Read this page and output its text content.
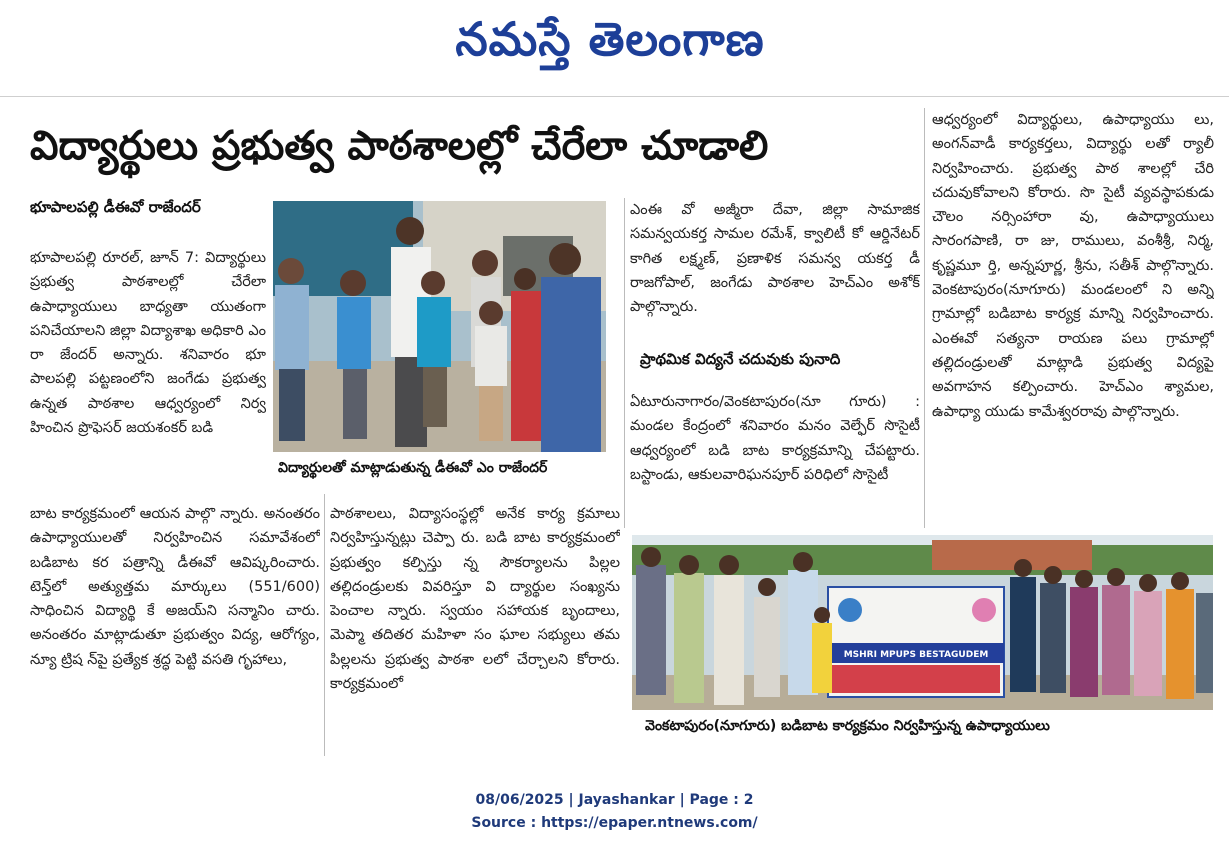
నమస్తే తెలంగాణ
విద్యార్థులు ప్రభుత్వ పాఠశాలల్లో చేరేలా చూడాలి
భూపాలపల్లి డీఈవో రాజేందర్

భూపాలపల్లి రూరల్, జూన్ 7: విద్యార్థులు ప్రభుత్వ పాఠశాలల్లో చేరేలా ఉపాధ్యాయులు బాధ్యతా యుతంగా పనిచేయాలని జిల్లా విద్యాశాఖ అధికారి ఎం రా జేందర్ అన్నారు. శనివారం భూ పాలపల్లి పట్టణంలోని జంగేడు ప్రభుత్వ ఉన్నత పాఠశాల ఆధ్వర్యంలో నిర్వ హించిన ప్రొఫెసర్ జయశంకర్ బడి

విద్యార్థులతో మాట్లాడుతున్న డీఈవో ఎం రాజేందర్

బాట కార్యక్రమంలో ఆయన పాల్గొ న్నారు. అనంతరం ఉపాధ్యాయులతో నిర్వహించిన సమావేశంలో బడిబాట కర పత్రాన్ని డీఈవో ఆవిష్కరించారు. టెన్త్‌లో అత్యుత్తమ మార్కులు (551/600) సాధించిన విద్యార్థి కే అజయ్‌ని సన్మానిం చారు. అనంతరం మాట్లాడుతూ ప్రభుత్వం విద్య, ఆరోగ్యం, న్యూ ట్రిష న్‌పై ప్రత్యేక శ్రద్ధ పెట్టి వసతి గృహాలు,

పాఠశాలలు, విద్యాసంస్థల్లో అనేక కార్య క్రమాలు నిర్వహిస్తున్నట్లు చెప్పా రు. బడి బాట కార్యక్రమంలో ప్రభుత్వం కల్పిస్తు న్న సౌకర్యాలను పిల్లల తల్లిదండ్రులకు వివరిస్తూ వి ద్యార్థుల సంఖ్యను పెంచాల న్నారు. స్వయం సహాయక బృందాలు, మెప్మా తదితర మహిళా సం ఘాల సభ్యులు తమ పిల్లలను ప్రభుత్వ పాఠశా లలో చేర్చాలని కోరారు. కార్యక్రమంలో

ఎంఈ వో అజ్మీరా దేవా, జిల్లా సామాజిక సమన్వయకర్త సామల రమేశ్, క్వాలిటీ కో ఆర్డినేటర్ కాగిత లక్ష్మణ్, ప్రణాళిక సమన్వ యకర్త డీ రాజగోపాల్, జంగేడు పాఠశాల హెచ్‌ఎం అశోక్ పాల్గొన్నారు.

ప్రాథమిక విద్యనే చదువుకు పునాది

ఏటూరునాగారం/వెంకటాపురం(నూ గూరు) : మండల కేంద్రంలో శనివారం మనం వెల్ఫేర్ సొసైటీ ఆధ్వర్యంలో బడి బాట కార్యక్రమాన్ని చేపట్టారు. బస్టాండు, ఆకులవారిఘనపూర్ పరిధిలో సొసైటీ

ఆధ్వర్యంలో విద్యార్థులు, ఉపాధ్యాయు లు, అంగన్‌వాడీ కార్యకర్తలు, విద్యార్థు లతో ర్యాలీ నిర్వహించారు. ప్రభుత్వ పాఠ శాలల్లో చేరి చదువుకోవాలని కోరారు. సొ సైటీ వ్యవస్థాపకుడు చౌలం నర్సింహారా వు, ఉపాధ్యాయులు సారంగపాణి, రా జు, రాములు, వంశీశ్రీ, నిర్మ, కృష్ణమూ ర్తి, అన్నపూర్ణ, శ్రీను, సతీశ్ పాల్గొన్నారు. వెంకటాపురం(నూగూరు) మండలంలో ని అన్ని గ్రామాల్లో బడిబాట కార్యక్ర మాన్ని నిర్వహించారు. ఎంఈవో సత్యనా రాయణ పలు గ్రామాల్లో తల్లిదండ్రులతో మాట్లాడి ప్రభుత్వ విద్యపై అవగాహన కల్పించారు. హెచ్‌ఎం శ్యామల, ఉపాధ్యా యుడు కామేశ్వరరావు పాల్గొన్నారు.

MSHRI MPUPS BESTAGUDEM
వెంకటాపురం(నూగూరు) బడిబాట కార్యక్రమం నిర్వహిస్తున్న ఉపాధ్యాయులు
08/06/2025 | Jayashankar | Page : 2
Source : https://epaper.ntnews.com/
